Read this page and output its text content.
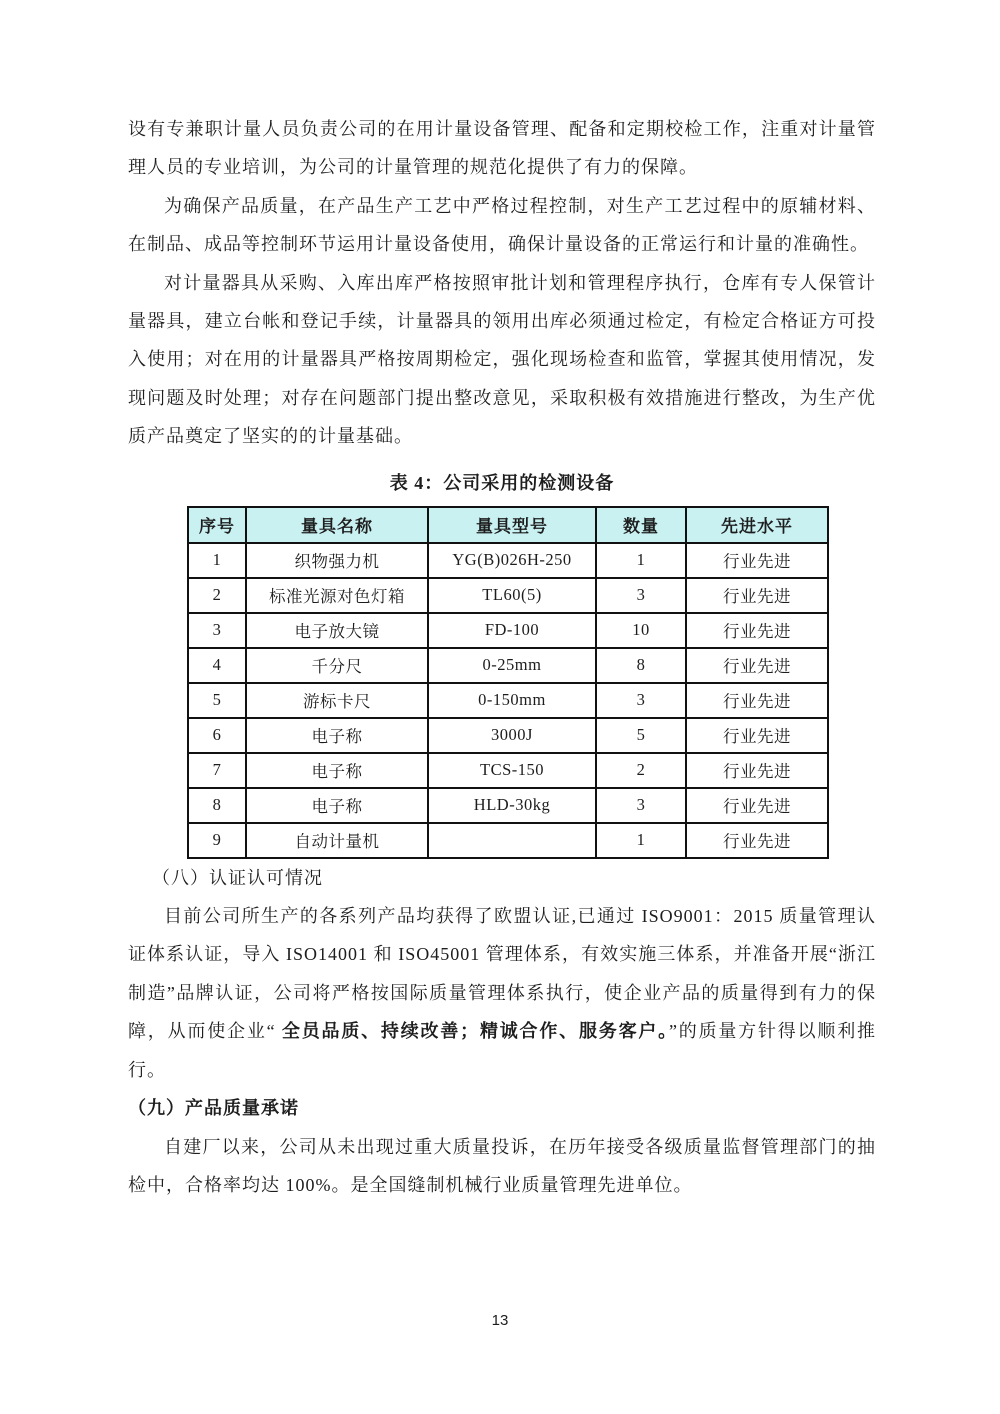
设有专兼职计量人员负责公司的在用计量设备管理、配备和定期校检工作，注重对计量管理人员的专业培训，为公司的计量管理的规范化提供了有力的保障。

为确保产品质量，在产品生产工艺中严格过程控制，对生产工艺过程中的原辅材料、在制品、成品等控制环节运用计量设备使用，确保计量设备的正常运行和计量的准确性。

对计量器具从采购、入库出库严格按照审批计划和管理程序执行，仓库有专人保管计量器具，建立台帐和登记手续，计量器具的领用出库必须通过检定，有检定合格证方可投入使用；对在用的计量器具严格按周期检定，强化现场检查和监管，掌握其使用情况，发现问题及时处理；对存在问题部门提出整改意见，采取积极有效措施进行整改，为生产优质产品奠定了坚实的的计量基础。

表 4：公司采用的检测设备
序号	量具名称	量具型号	数量	先进水平
1	织物强力机	YG(B)026H-250	1	行业先进
2	标准光源对色灯箱	TL60(5)	3	行业先进
3	电子放大镜	FD-100	10	行业先进
4	千分尺	0-25mm	8	行业先进
5	游标卡尺	0-150mm	3	行业先进
6	电子称	3000J	5	行业先进
7	电子称	TCS-150	2	行业先进
8	电子称	HLD-30kg	3	行业先进
9	自动计量机		1	行业先进

（八）认证认可情况

目前公司所生产的各系列产品均获得了欧盟认证,已通过 ISO9001：2015 质量管理认证体系认证，导入 ISO14001 和 ISO45001 管理体系，有效实施三体系，并准备开展“浙江制造”品牌认证，公司将严格按国际质量管理体系执行，使企业产品的质量得到有力的保障，从而使企业“ 全员品质、持续改善；精诚合作、服务客户。”的质量方针得以顺利推行。

（九）产品质量承诺

自建厂以来，公司从未出现过重大质量投诉，在历年接受各级质量监督管理部门的抽检中，合格率均达 100%。是全国缝制机械行业质量管理先进单位。

13
